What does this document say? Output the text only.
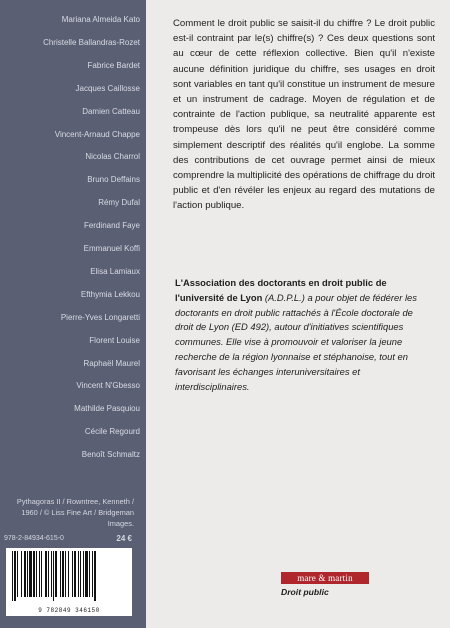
Mariana Almeida Kato
Christelle Ballandras-Rozet
Fabrice Bardet
Jacques Caillosse
Damien Catteau
Vincent-Arnaud Chappe
Nicolas Charrol
Bruno Deffains
Rémy Dufal
Ferdinand Faye
Emmanuel Koffi
Elisa Lamiaux
Efthymia Lekkou
Pierre-Yves Longaretti
Florent Louise
Raphaël Maurel
Vincent N'Gbesso
Mathilde Pasquiou
Cécile Regourd
Benoît Schmaltz
Pythagoras II / Rowntree, Kenneth / 1960 / © Liss Fine Art / Bridgeman Images.
978-2-84934-615-0	24 €
9 782849 346150

Comment le droit public se saisit-il du chiffre ? Le droit public est-il contraint par le(s) chiffre(s) ? Ces deux questions sont au cœur de cette réflexion collective. Bien qu'il n'existe aucune définition juridique du chiffre, ses usages en droit sont variables en tant qu'il constitue un instrument de mesure et un instrument de cadrage. Moyen de régulation et de contrainte de l'action publique, sa neutralité apparente est trompeuse dès lors qu'il ne peut être considéré comme simplement descriptif des réalités qu'il englobe. La somme des contributions de cet ouvrage permet ainsi de mieux comprendre la multiplicité des opérations de chiffrage du droit public et d'en révéler les enjeux au regard des mutations de l'action publique.

L'Association des doctorants en droit public de l'université de Lyon (A.D.P.L.) a pour objet de fédérer les doctorants en droit public rattachés à l'École doctorale de droit de Lyon (ED 492), autour d'initiatives scientifiques communes. Elle vise à promouvoir et valoriser la jeune recherche de la région lyonnaise et stéphanoise, tout en favorisant les échanges interuniversitaires et interdisciplinaires.

mare & martin
Droit public
